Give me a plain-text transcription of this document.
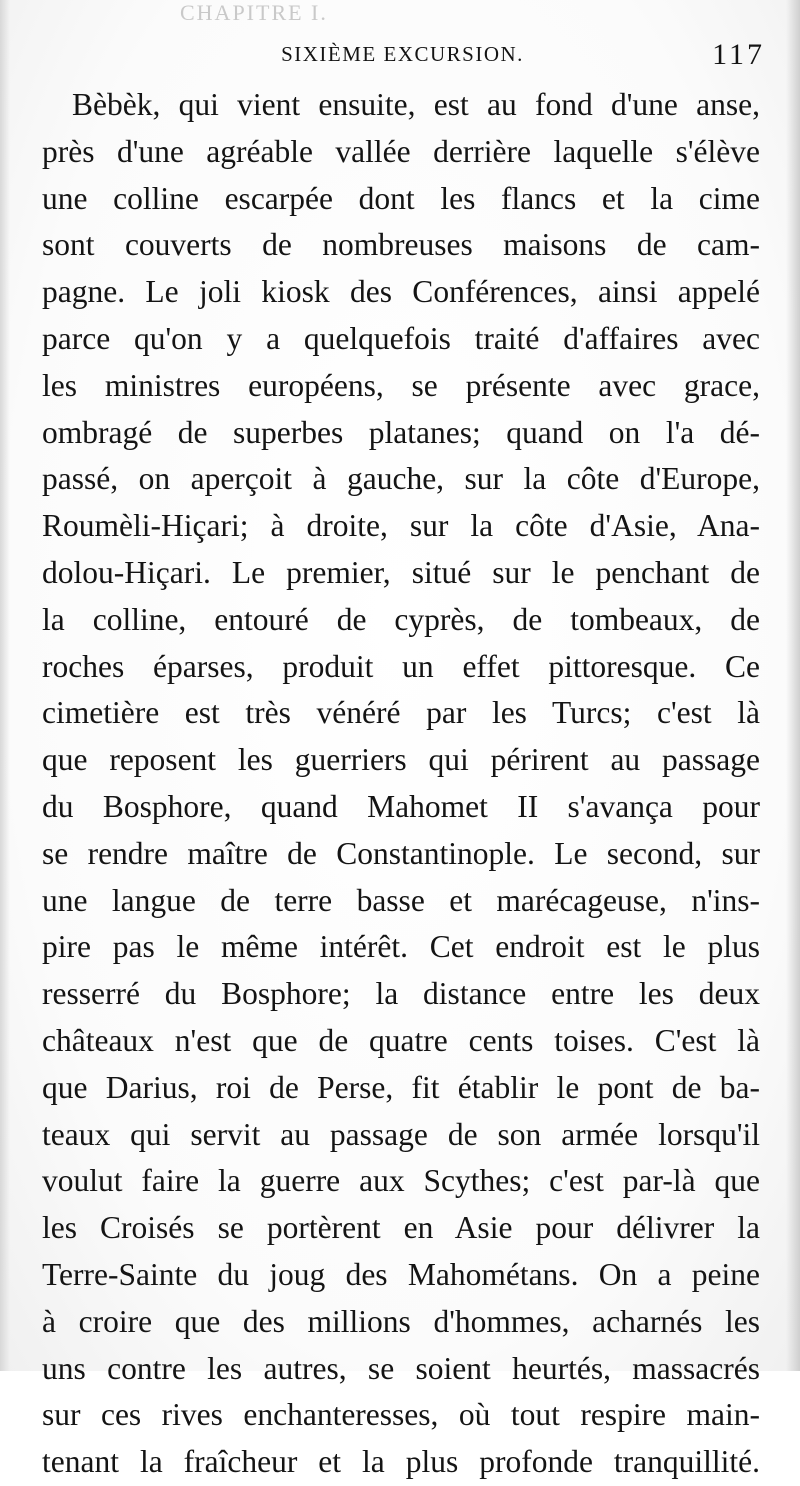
CHAPITRE I.
SIXIÈME EXCURSION.	117
Bèbèk, qui vient ensuite, est au fond d'une anse,
près d'une agréable vallée derrière laquelle s'élève
une colline escarpée dont les flancs et la cime
sont couverts de nombreuses maisons de cam-
pagne. Le joli kiosk des Conférences, ainsi appelé
parce qu'on y a quelquefois traité d'affaires avec
les ministres européens, se présente avec grace,
ombragé de superbes platanes; quand on l'a dé-
passé, on aperçoit à gauche, sur la côte d'Europe,
Roumèli-Hiçari; à droite, sur la côte d'Asie, Ana-
dolou-Hiçari. Le premier, situé sur le penchant de
la colline, entouré de cyprès, de tombeaux, de
roches éparses, produit un effet pittoresque. Ce
cimetière est très vénéré par les Turcs; c'est là
que reposent les guerriers qui périrent au passage
du Bosphore, quand Mahomet II s'avança pour
se rendre maître de Constantinople. Le second, sur
une langue de terre basse et marécageuse, n'ins-
pire pas le même intérêt. Cet endroit est le plus
resserré du Bosphore; la distance entre les deux
châteaux n'est que de quatre cents toises. C'est là
que Darius, roi de Perse, fit établir le pont de ba-
teaux qui servit au passage de son armée lorsqu'il
voulut faire la guerre aux Scythes; c'est par-là que
les Croisés se portèrent en Asie pour délivrer la
Terre-Sainte du joug des Mahométans. On a peine
à croire que des millions d'hommes, acharnés les
uns contre les autres, se soient heurtés, massacrés
sur ces rives enchanteresses, où tout respire main-
tenant la fraîcheur et la plus profonde tranquillité.
